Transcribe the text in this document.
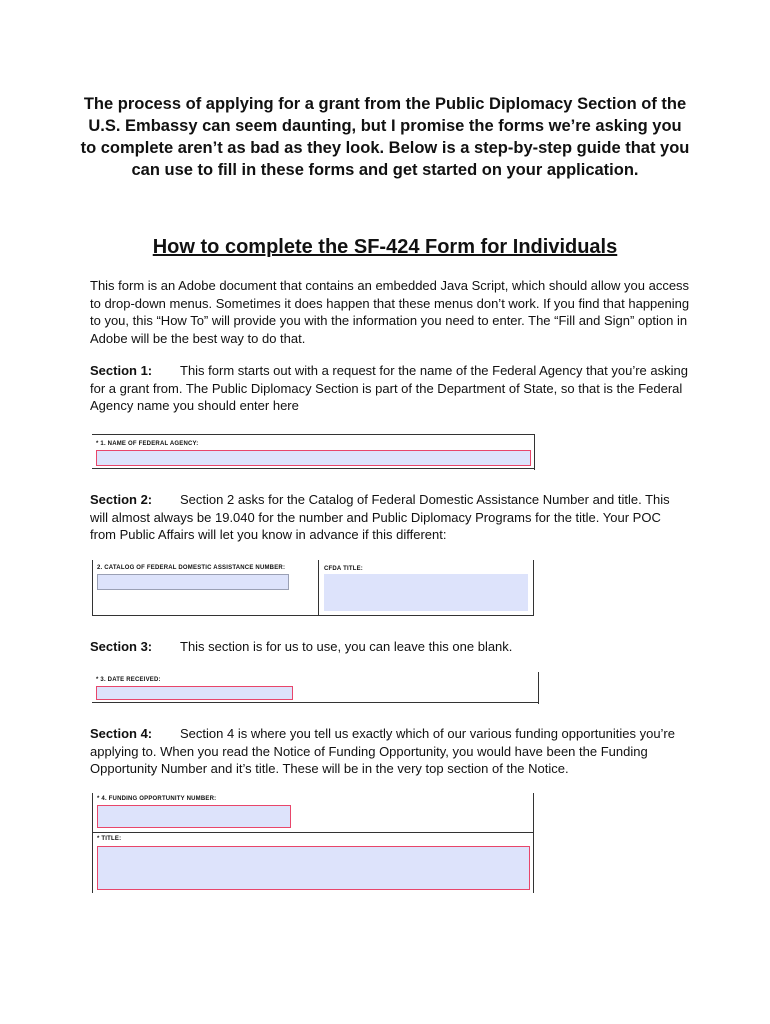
The process of applying for a grant from the Public Diplomacy Section of the U.S. Embassy can seem daunting, but I promise the forms we’re asking you to complete aren’t as bad as they look. Below is a step-by-step guide that you can use to fill in these forms and get started on your application.

How to complete the SF-424 Form for Individuals

This form is an Adobe document that contains an embedded Java Script, which should allow you access to drop-down menus. Sometimes it does happen that these menus don’t work. If you find that happening to you, this “How To” will provide you with the information you need to enter. The “Fill and Sign” option in Adobe will be the best way to do that.

Section 1: This form starts out with a request for the name of the Federal Agency that you’re asking for a grant from. The Public Diplomacy Section is part of the Department of State, so that is the Federal Agency name you should enter here

* 1. NAME OF FEDERAL AGENCY:

Section 2: Section 2 asks for the Catalog of Federal Domestic Assistance Number and title. This will almost always be 19.040 for the number and Public Diplomacy Programs for the title. Your POC from Public Affairs will let you know in advance if this different:

2. CATALOG OF FEDERAL DOMESTIC ASSISTANCE NUMBER:	CFDA TITLE:

Section 3: This section is for us to use, you can leave this one blank.

* 3. DATE RECEIVED:

Section 4: Section 4 is where you tell us exactly which of our various funding opportunities you’re applying to. When you read the Notice of Funding Opportunity, you would have been the Funding Opportunity Number and it’s title. These will be in the very top section of the Notice.

* 4. FUNDING OPPORTUNITY NUMBER:
* TITLE:
